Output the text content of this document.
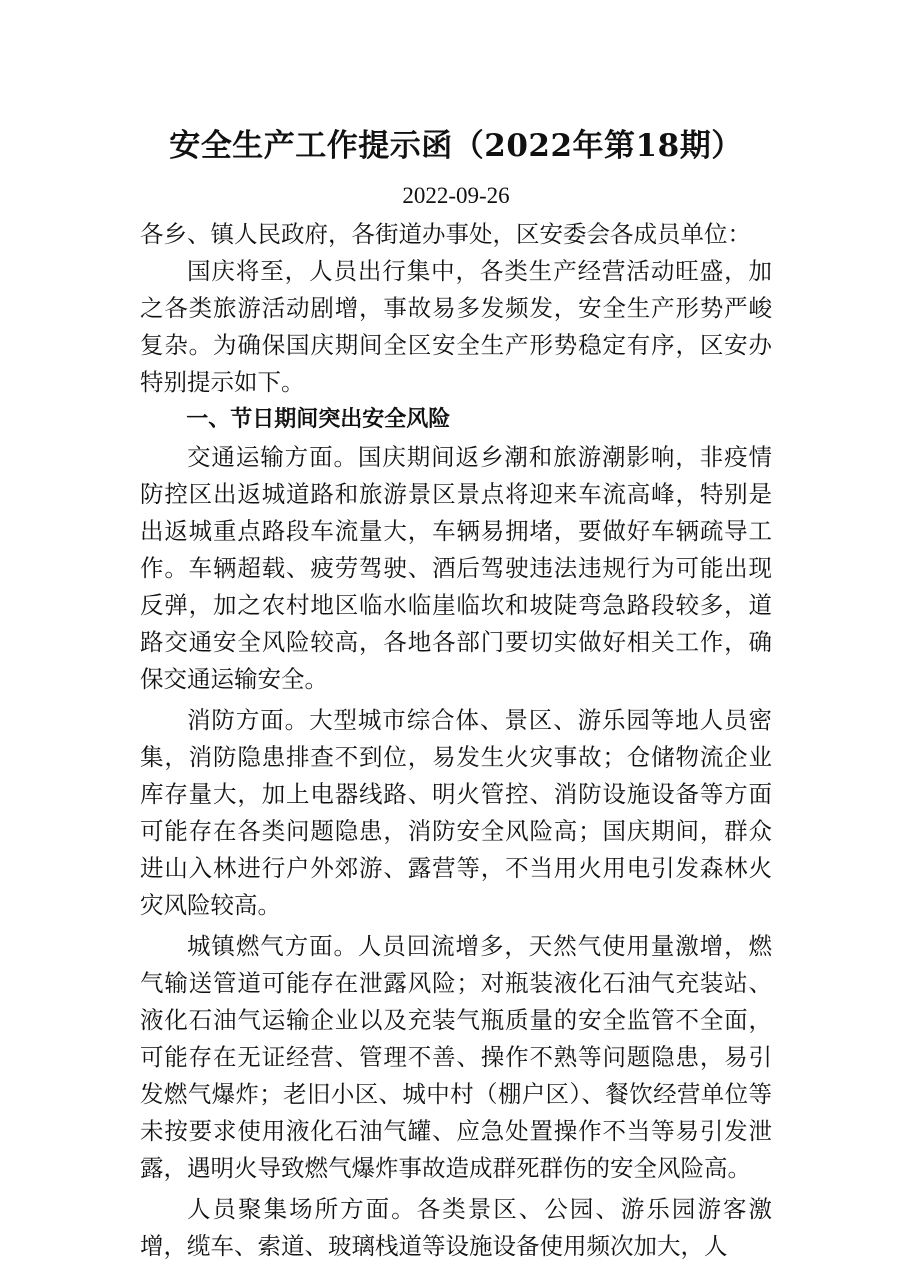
安全生产工作提示函（2022年第18期）
2022-09-26

各乡、镇人民政府，各街道办事处，区安委会各成员单位：

国庆将至，人员出行集中，各类生产经营活动旺盛，加之各类旅游活动剧增，事故易多发频发，安全生产形势严峻复杂。为确保国庆期间全区安全生产形势稳定有序，区安办特别提示如下。

一、节日期间突出安全风险

交通运输方面。国庆期间返乡潮和旅游潮影响，非疫情防控区出返城道路和旅游景区景点将迎来车流高峰，特别是出返城重点路段车流量大，车辆易拥堵，要做好车辆疏导工作。车辆超载、疲劳驾驶、酒后驾驶违法违规行为可能出现反弹，加之农村地区临水临崖临坎和坡陡弯急路段较多，道路交通安全风险较高，各地各部门要切实做好相关工作，确保交通运输安全。

消防方面。大型城市综合体、景区、游乐园等地人员密集，消防隐患排查不到位，易发生火灾事故；仓储物流企业库存量大，加上电器线路、明火管控、消防设施设备等方面可能存在各类问题隐患，消防安全风险高；国庆期间，群众进山入林进行户外郊游、露营等，不当用火用电引发森林火灾风险较高。

城镇燃气方面。人员回流增多，天然气使用量激增，燃气输送管道可能存在泄露风险；对瓶装液化石油气充装站、液化石油气运输企业以及充装气瓶质量的安全监管不全面，可能存在无证经营、管理不善、操作不熟等问题隐患，易引发燃气爆炸；老旧小区、城中村（棚户区）、餐饮经营单位等未按要求使用液化石油气罐、应急处置操作不当等易引发泄露，遇明火导致燃气爆炸事故造成群死群伤的安全风险高。

人员聚集场所方面。各类景区、公园、游乐园游客激增，缆车、索道、玻璃栈道等设施设备使用频次加大，人
